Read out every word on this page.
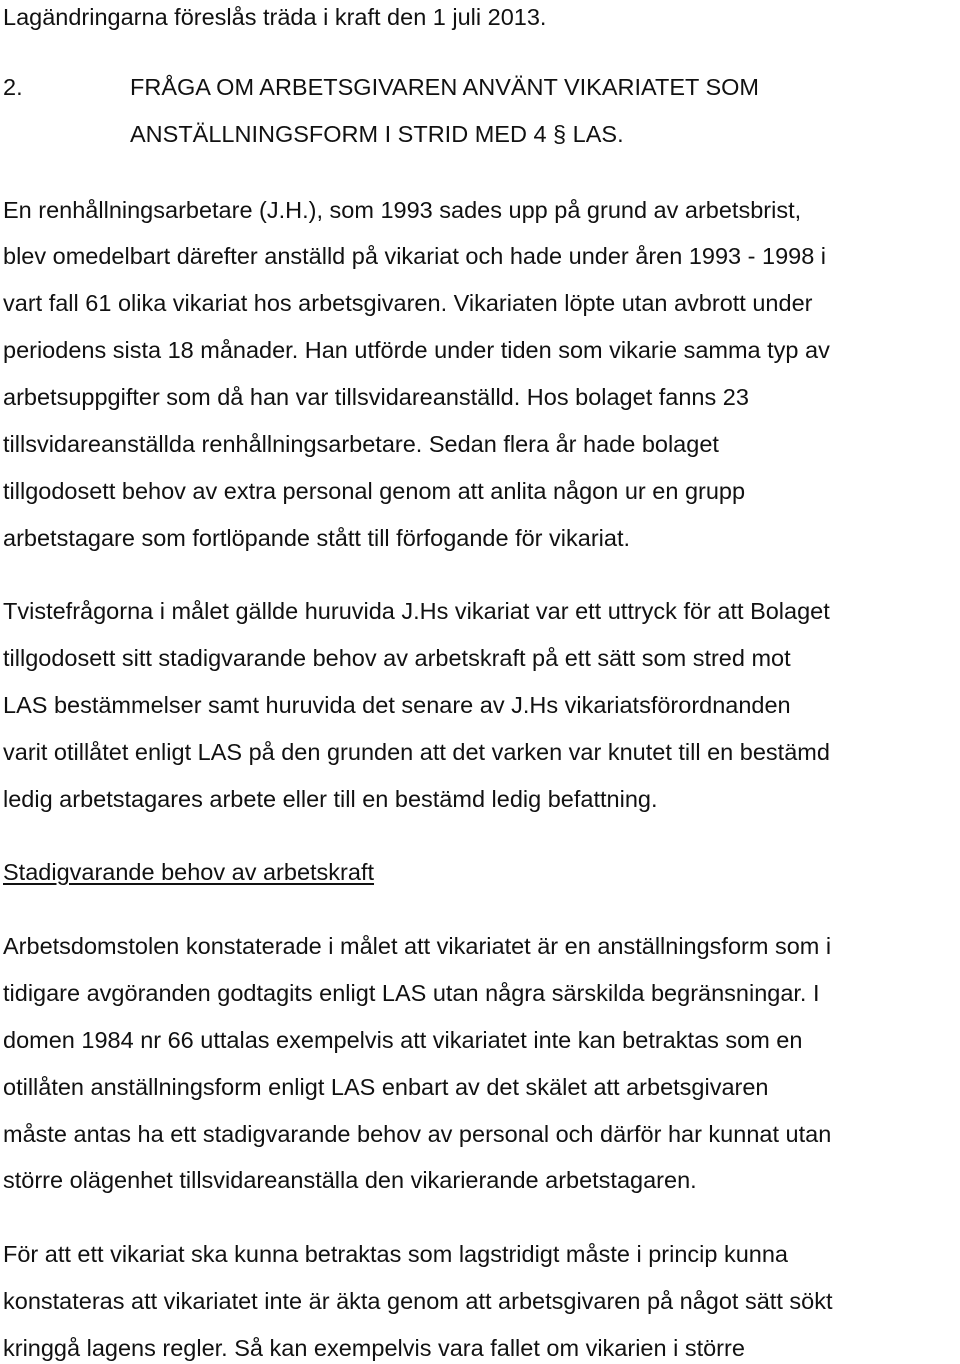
Lagändringarna föreslås träda i kraft den 1 juli 2013.
2.	FRÅGA OM ARBETSGIVAREN ANVÄNT VIKARIATET SOM
ANSTÄLLNINGSFORM I STRID MED 4 § LAS.
En renhållningsarbetare (J.H.), som 1993 sades upp på grund av arbetsbrist,
blev omedelbart därefter anställd på vikariat och hade under åren 1993 - 1998 i
vart fall 61 olika vikariat hos arbetsgivaren. Vikariaten löpte utan avbrott under
periodens sista 18 månader. Han utförde under tiden som vikarie samma typ av
arbetsuppgifter som då han var tillsvidareanställd. Hos bolaget fanns 23
tillsvidareanställda renhållningsarbetare. Sedan flera år hade bolaget
tillgodosett behov av extra personal genom att anlita någon ur en grupp
arbetstagare som fortlöpande stått till förfogande för vikariat.
Tvistefrågorna i målet gällde huruvida J.Hs vikariat var ett uttryck för att Bolaget
tillgodosett sitt stadigvarande behov av arbetskraft på ett sätt som stred mot
LAS bestämmelser samt huruvida det senare av J.Hs vikariatsförordnanden
varit otillåtet enligt LAS på den grunden att det varken var knutet till en bestämd
ledig arbetstagares arbete eller till en bestämd ledig befattning.
Stadigvarande behov av arbetskraft
Arbetsdomstolen konstaterade i målet att vikariatet är en anställningsform som i
tidigare avgöranden godtagits enligt LAS utan några särskilda begränsningar. I
domen 1984 nr 66 uttalas exempelvis att vikariatet inte kan betraktas som en
otillåten anställningsform enligt LAS enbart av det skälet att arbetsgivaren
måste antas ha ett stadigvarande behov av personal och därför har kunnat utan
större olägenhet tillsvidareanställa den vikarierande arbetstagaren.
För att ett vikariat ska kunna betraktas som lagstridigt måste i princip kunna
konstateras att vikariatet inte är äkta genom att arbetsgivaren på något sätt sökt
kringgå lagens regler. Så kan exempelvis vara fallet om vikarien i större
